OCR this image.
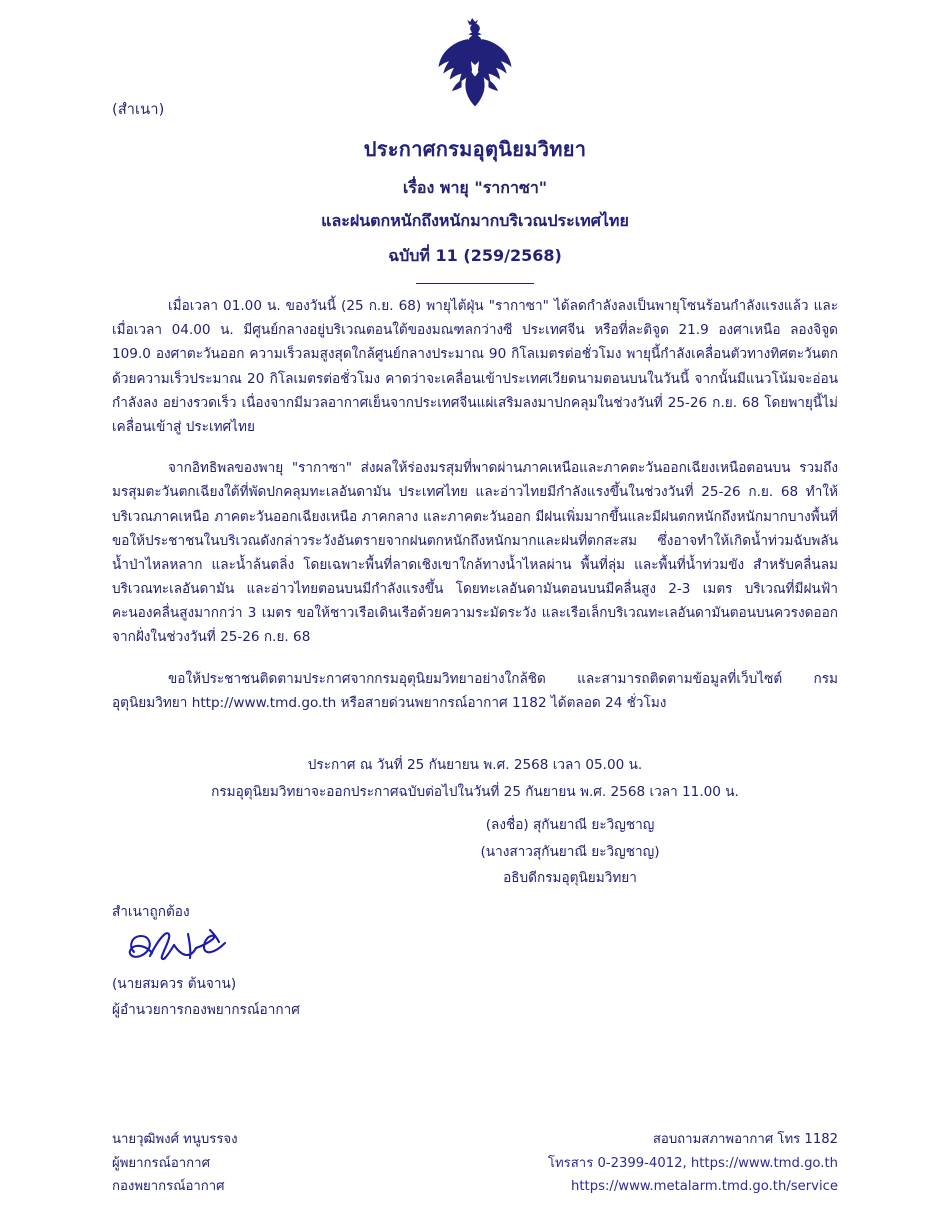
(สำเนา)
ประกาศกรมอุตุนิยมวิทยา
เรื่อง พายุ "รากาซา"
และฝนตกหนักถึงหนักมากบริเวณประเทศไทย
ฉบับที่ 11 (259/2568)

เมื่อเวลา 01.00 น. ของวันนี้ (25 ก.ย. 68) พายุไต้ฝุ่น "รากาซา" ได้ลดกำลังลงเป็นพายุโซนร้อนกำลังแรงแล้ว และเมื่อเวลา 04.00 น. มีศูนย์กลางอยู่บริเวณตอนใต้ของมณฑลกว่างซี ประเทศจีน หรือที่ละติจูด 21.9 องศาเหนือ ลองจิจูด 109.0 องศาตะวันออก ความเร็วลมสูงสุดใกล้ศูนย์กลางประมาณ 90 กิโลเมตรต่อชั่วโมง พายุนี้กำลังเคลื่อนตัวทางทิศตะวันตก ด้วยความเร็วประมาณ 20 กิโลเมตรต่อชั่วโมง คาดว่าจะเคลื่อนเข้าประเทศเวียดนามตอนบนในวันนี้ จากนั้นมีแนวโน้มจะอ่อนกำลังลง อย่างรวดเร็ว เนื่องจากมีมวลอากาศเย็นจากประเทศจีนแผ่เสริมลงมาปกคลุมในช่วงวันที่ 25-26 ก.ย. 68 โดยพายุนี้ไม่เคลื่อนเข้าสู่ ประเทศไทย

จากอิทธิพลของพายุ "รากาซา" ส่งผลให้ร่องมรสุมที่พาดผ่านภาคเหนือและภาคตะวันออกเฉียงเหนือตอนบน รวมถึงมรสุมตะวันตกเฉียงใต้ที่พัดปกคลุมทะเลอันดามัน ประเทศไทย และอ่าวไทยมีกำลังแรงขึ้นในช่วงวันที่ 25-26 ก.ย. 68 ทำให้บริเวณภาคเหนือ ภาคตะวันออกเฉียงเหนือ ภาคกลาง และภาคตะวันออก มีฝนเพิ่มมากขึ้นและมีฝนตกหนักถึงหนักมากบางพื้นที่ ขอให้ประชาชนในบริเวณดังกล่าวระวังอันตรายจากฝนตกหนักถึงหนักมากและฝนที่ตกสะสม ซึ่งอาจทำให้เกิดน้ำท่วมฉับพลัน น้ำป่าไหลหลาก และน้ำล้นตลิ่ง โดยเฉพาะพื้นที่ลาดเชิงเขาใกล้ทางน้ำไหลผ่าน พื้นที่ลุ่ม และพื้นที่น้ำท่วมขัง สำหรับคลื่นลมบริเวณทะเลอันดามัน และอ่าวไทยตอนบนมีกำลังแรงขึ้น โดยทะเลอันดามันตอนบนมีคลื่นสูง 2-3 เมตร บริเวณที่มีฝนฟ้าคะนองคลื่นสูงมากกว่า 3 เมตร ขอให้ชาวเรือเดินเรือด้วยความระมัดระวัง และเรือเล็กบริเวณทะเลอันดามันตอนบนควรงดออกจากฝั่งในช่วงวันที่ 25-26 ก.ย. 68

ขอให้ประชาชนติดตามประกาศจากกรมอุตุนิยมวิทยาอย่างใกล้ชิด และสามารถติดตามข้อมูลที่เว็บไซต์ กรมอุตุนิยมวิทยา http://www.tmd.go.th หรือสายด่วนพยากรณ์อากาศ 1182 ได้ตลอด 24 ชั่วโมง

ประกาศ ณ วันที่ 25 กันยายน พ.ศ. 2568 เวลา 05.00 น.
กรมอุตุนิยมวิทยาจะออกประกาศฉบับต่อไปในวันที่ 25 กันยายน พ.ศ. 2568 เวลา 11.00 น.
(ลงชื่อ) สุกันยาณี ยะวิญชาญ
(นางสาวสุกันยาณี ยะวิญชาญ)
อธิบดีกรมอุตุนิยมวิทยา
สำเนาถูกต้อง
(นายสมควร ต้นจาน)
ผู้อำนวยการกองพยากรณ์อากาศ
นายวุฒิพงศ์ ทนูบรรจง
ผู้พยากรณ์อากาศ
กองพยากรณ์อากาศ
สอบถามสภาพอากาศ โทร 1182
โทรสาร 0-2399-4012, https://www.tmd.go.th
https://www.metalarm.tmd.go.th/service
